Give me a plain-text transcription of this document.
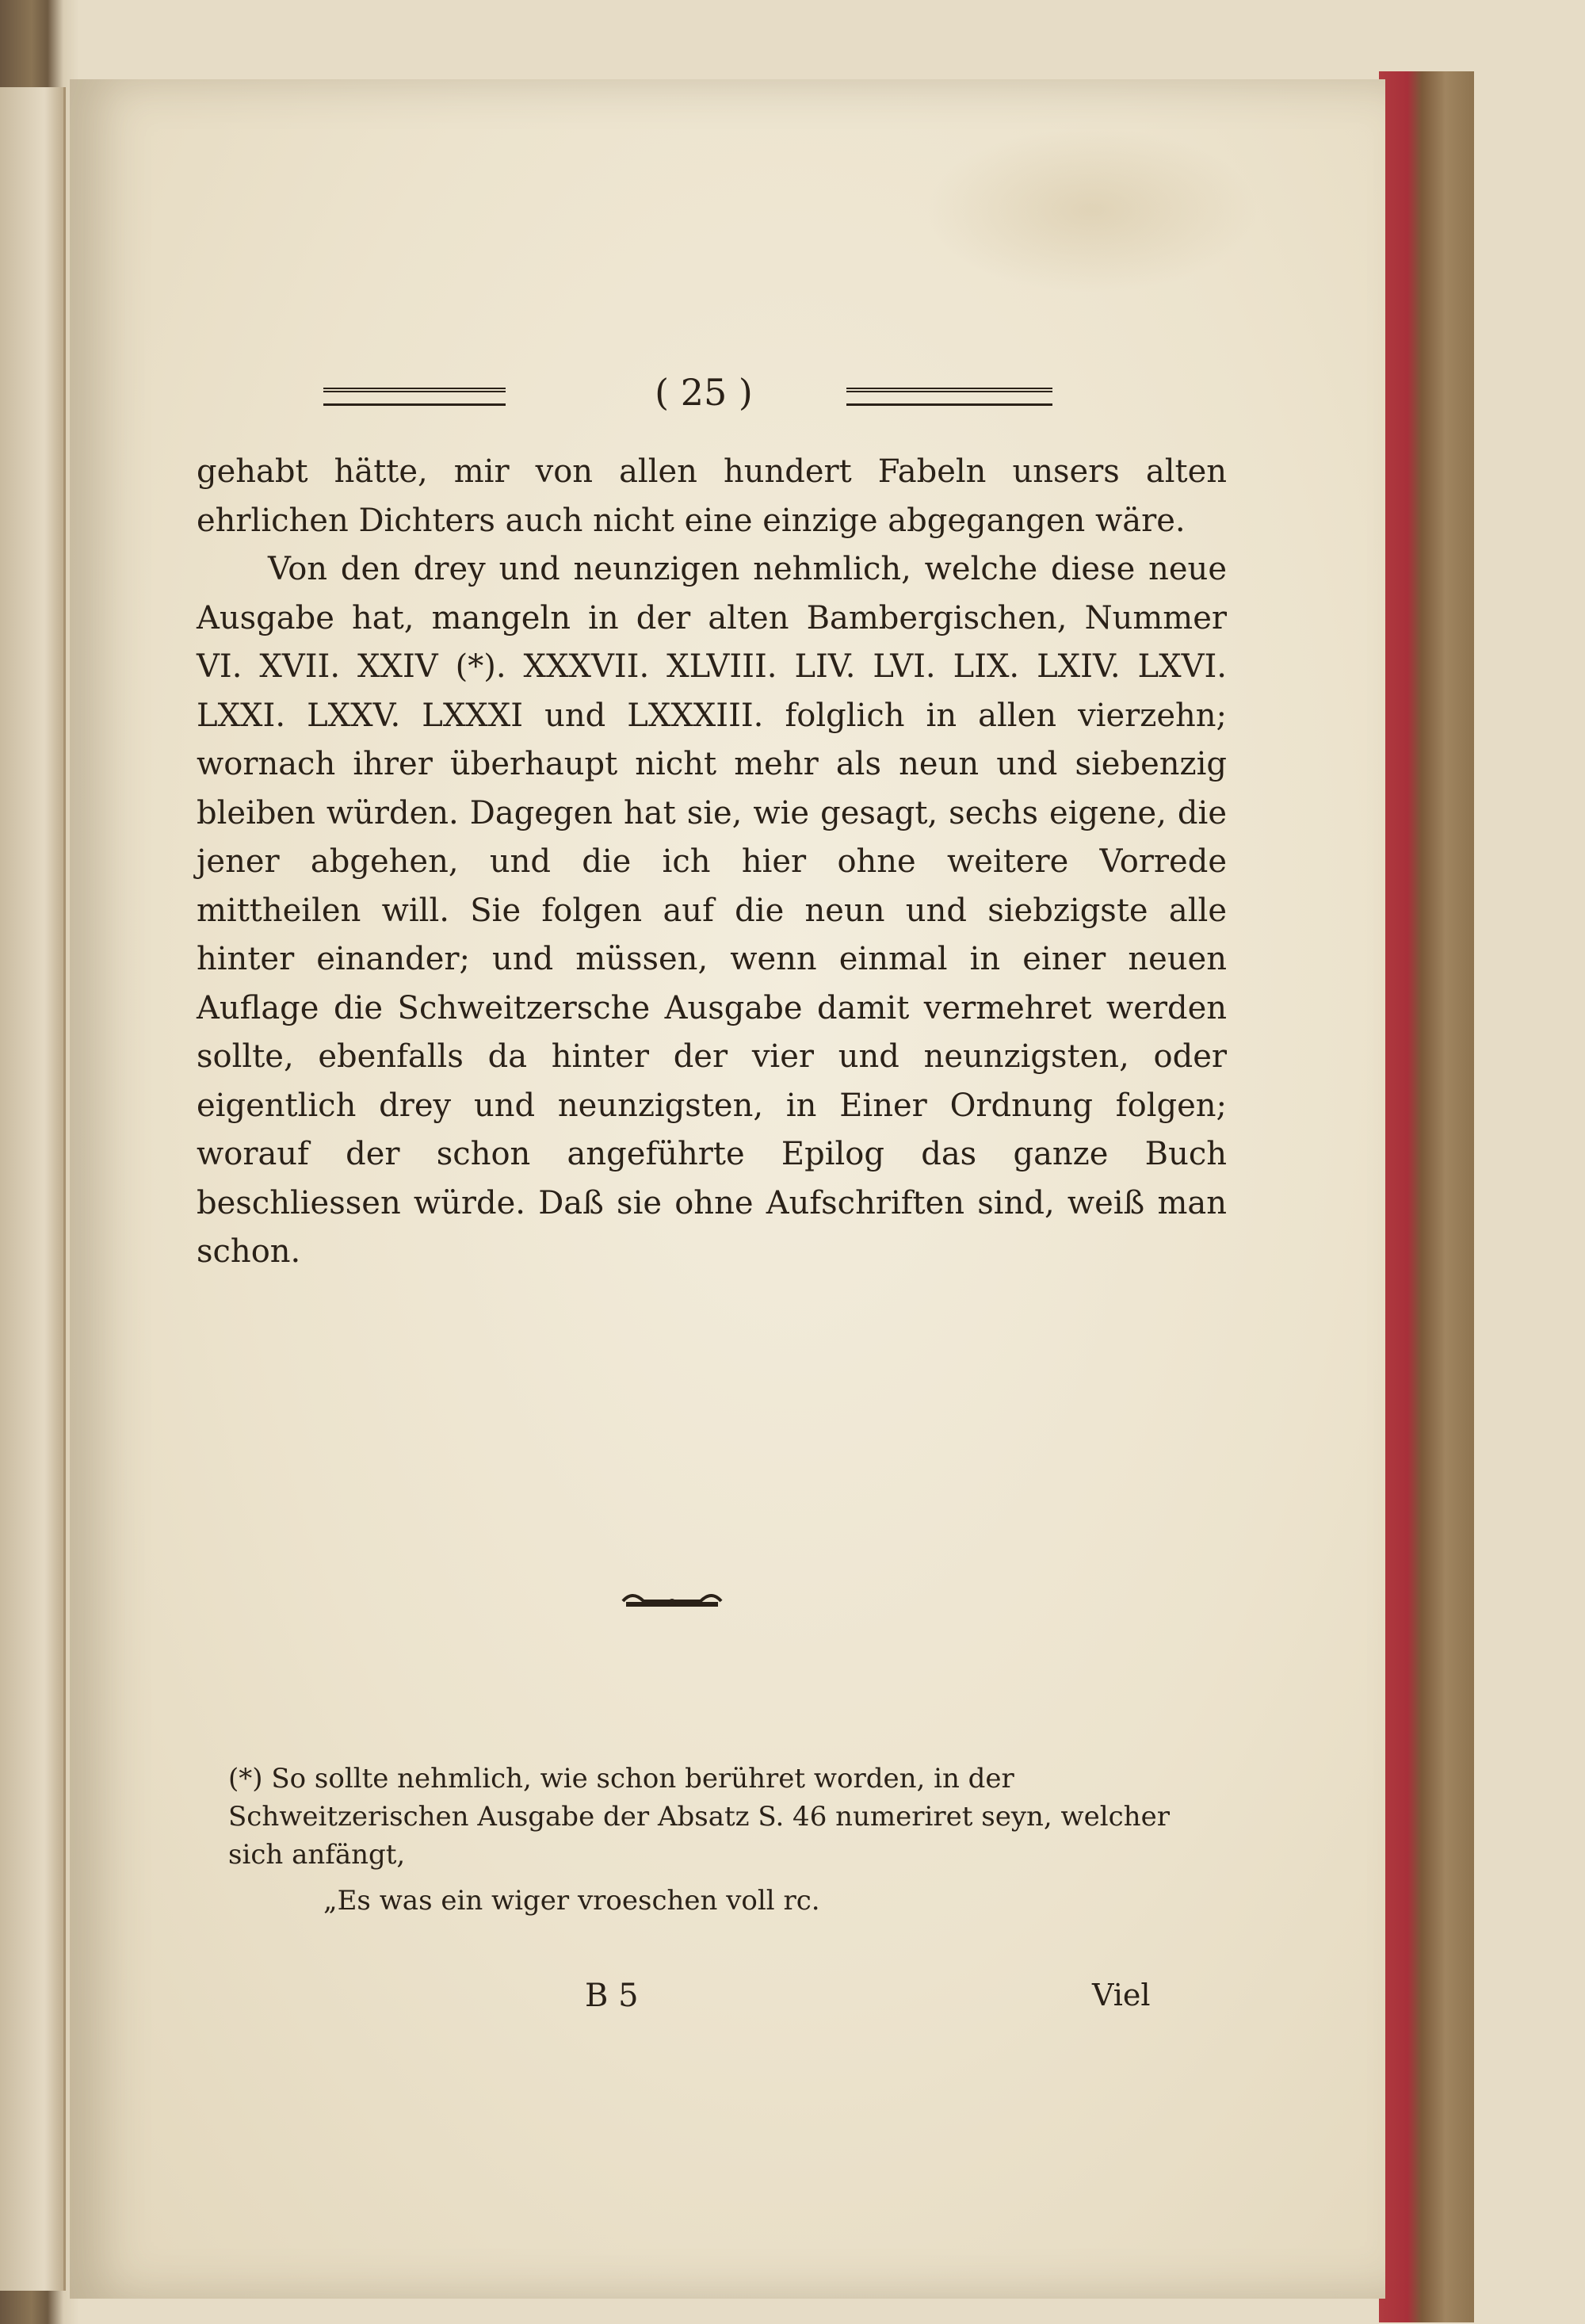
( 25 )

gehabt hätte, mir von allen hundert Fabeln unsers alten ehrlichen Dichters auch nicht eine einzige abgegangen wäre.

Von den drey und neunzigen nehmlich, welche diese neue Ausgabe hat, mangeln in der alten Bambergischen, Nummer VI. XVII. XXIV (*). XXXVII. XLVIII. LIV. LVI. LIX. LXIV. LXVI. LXXI. LXXV. LXXXI und LXXXIII. folglich in allen vierzehn; wornach ihrer überhaupt nicht mehr als neun und siebenzig bleiben würden. Dagegen hat sie, wie gesagt, sechs eigene, die jener abgehen, und die ich hier ohne weitere Vorrede mittheilen will. Sie folgen auf die neun und siebzigste alle hinter einander; und müssen, wenn einmal in einer neuen Auflage die Schweitzersche Ausgabe damit vermehret werden sollte, ebenfalls da hinter der vier und neunzigsten, oder eigentlich drey und neunzigsten, in Einer Ordnung folgen; worauf der schon angeführte Epilog das ganze Buch beschliessen würde. Daß sie ohne Aufschriften sind, weiß man schon.

(*) So sollte nehmlich, wie schon berühret worden, in der Schweitzerischen Ausgabe der Absatz S. 46 numeriret seyn, welcher sich anfängt,
„Es was ein wiger vroeschen voll rc.
B 5	Viel
